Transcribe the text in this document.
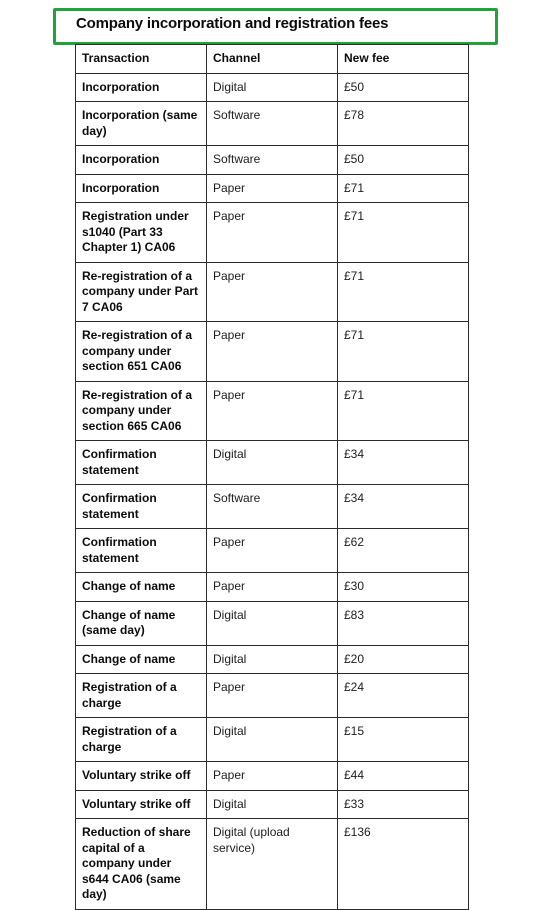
Company incorporation and registration fees
Transaction	Channel	New fee
Incorporation	Digital	£50
Incorporation (same day)	Software	£78
Incorporation	Software	£50
Incorporation	Paper	£71
Registration under s1040 (Part 33 Chapter 1) CA06	Paper	£71
Re-registration of a company under Part 7 CA06	Paper	£71
Re-registration of a company under section 651 CA06	Paper	£71
Re-registration of a company under section 665 CA06	Paper	£71
Confirmation statement	Digital	£34
Confirmation statement	Software	£34
Confirmation statement	Paper	£62
Change of name	Paper	£30
Change of name (same day)	Digital	£83
Change of name	Digital	£20
Registration of a charge	Paper	£24
Registration of a charge	Digital	£15
Voluntary strike off	Paper	£44
Voluntary strike off	Digital	£33
Reduction of share capital of a company under s644 CA06 (same day)	Digital (upload service)	£136
